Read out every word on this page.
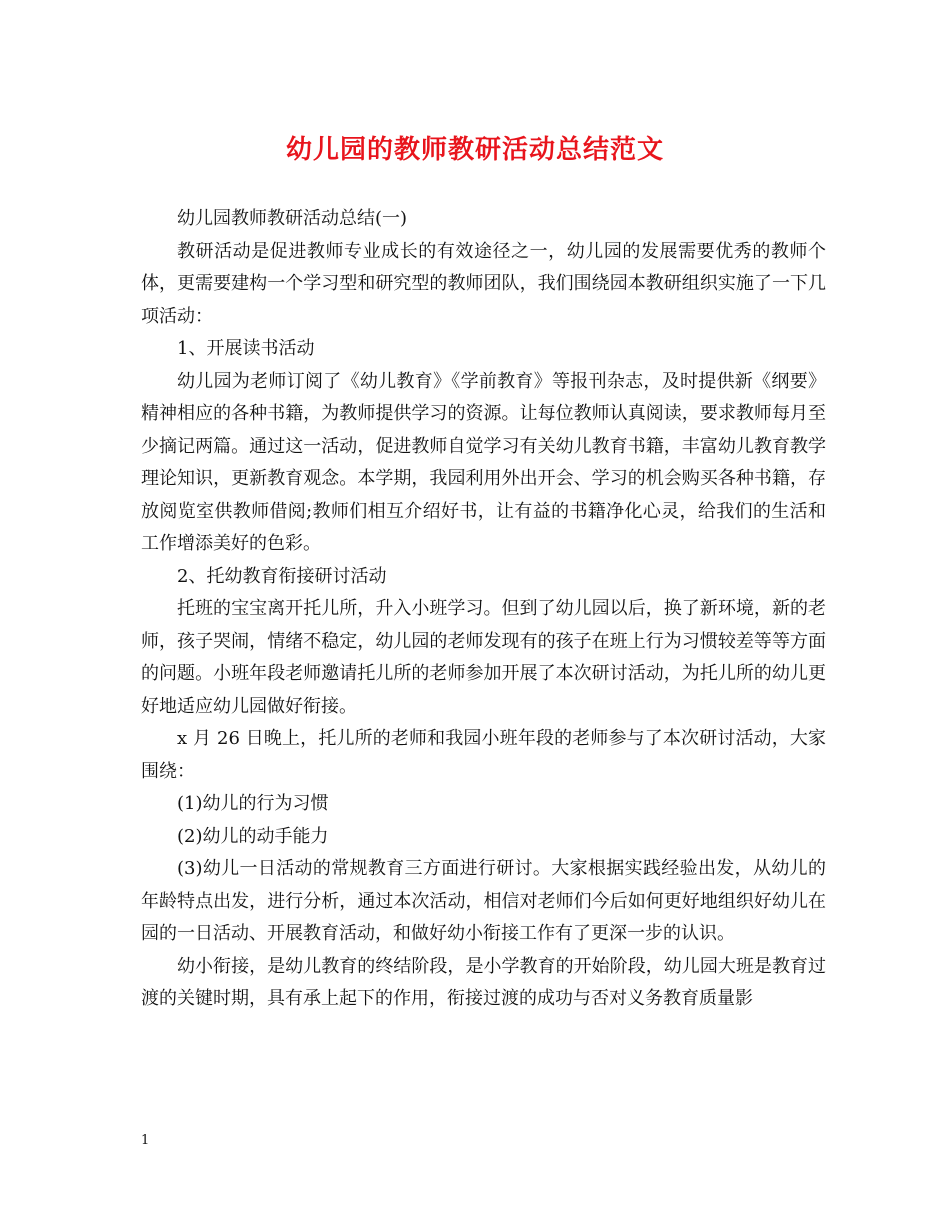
幼儿园的教师教研活动总结范文

幼儿园教师教研活动总结(一)

教研活动是促进教师专业成长的有效途径之一，幼儿园的发展需要优秀的教师个体，更需要建构一个学习型和研究型的教师团队，我们围绕园本教研组织实施了一下几项活动：

1、开展读书活动

幼儿园为老师订阅了《幼儿教育》《学前教育》等报刊杂志，及时提供新《纲要》精神相应的各种书籍，为教师提供学习的资源。让每位教师认真阅读，要求教师每月至少摘记两篇。通过这一活动，促进教师自觉学习有关幼儿教育书籍，丰富幼儿教育教学理论知识，更新教育观念。本学期，我园利用外出开会、学习的机会购买各种书籍，存放阅览室供教师借阅;教师们相互介绍好书，让有益的书籍净化心灵，给我们的生活和工作增添美好的色彩。

2、托幼教育衔接研讨活动

托班的宝宝离开托儿所，升入小班学习。但到了幼儿园以后，换了新环境，新的老师，孩子哭闹，情绪不稳定，幼儿园的老师发现有的孩子在班上行为习惯较差等等方面的问题。小班年段老师邀请托儿所的老师参加开展了本次研讨活动，为托儿所的幼儿更好地适应幼儿园做好衔接。

x 月 26 日晚上，托儿所的老师和我园小班年段的老师参与了本次研讨活动，大家围绕：

(1)幼儿的行为习惯

(2)幼儿的动手能力

(3)幼儿一日活动的常规教育三方面进行研讨。大家根据实践经验出发，从幼儿的年龄特点出发，进行分析，通过本次活动，相信对老师们今后如何更好地组织好幼儿在园的一日活动、开展教育活动，和做好幼小衔接工作有了更深一步的认识。

幼小衔接，是幼儿教育的终结阶段，是小学教育的开始阶段，幼儿园大班是教育过渡的关键时期，具有承上起下的作用，衔接过渡的成功与否对义务教育质量影

1
